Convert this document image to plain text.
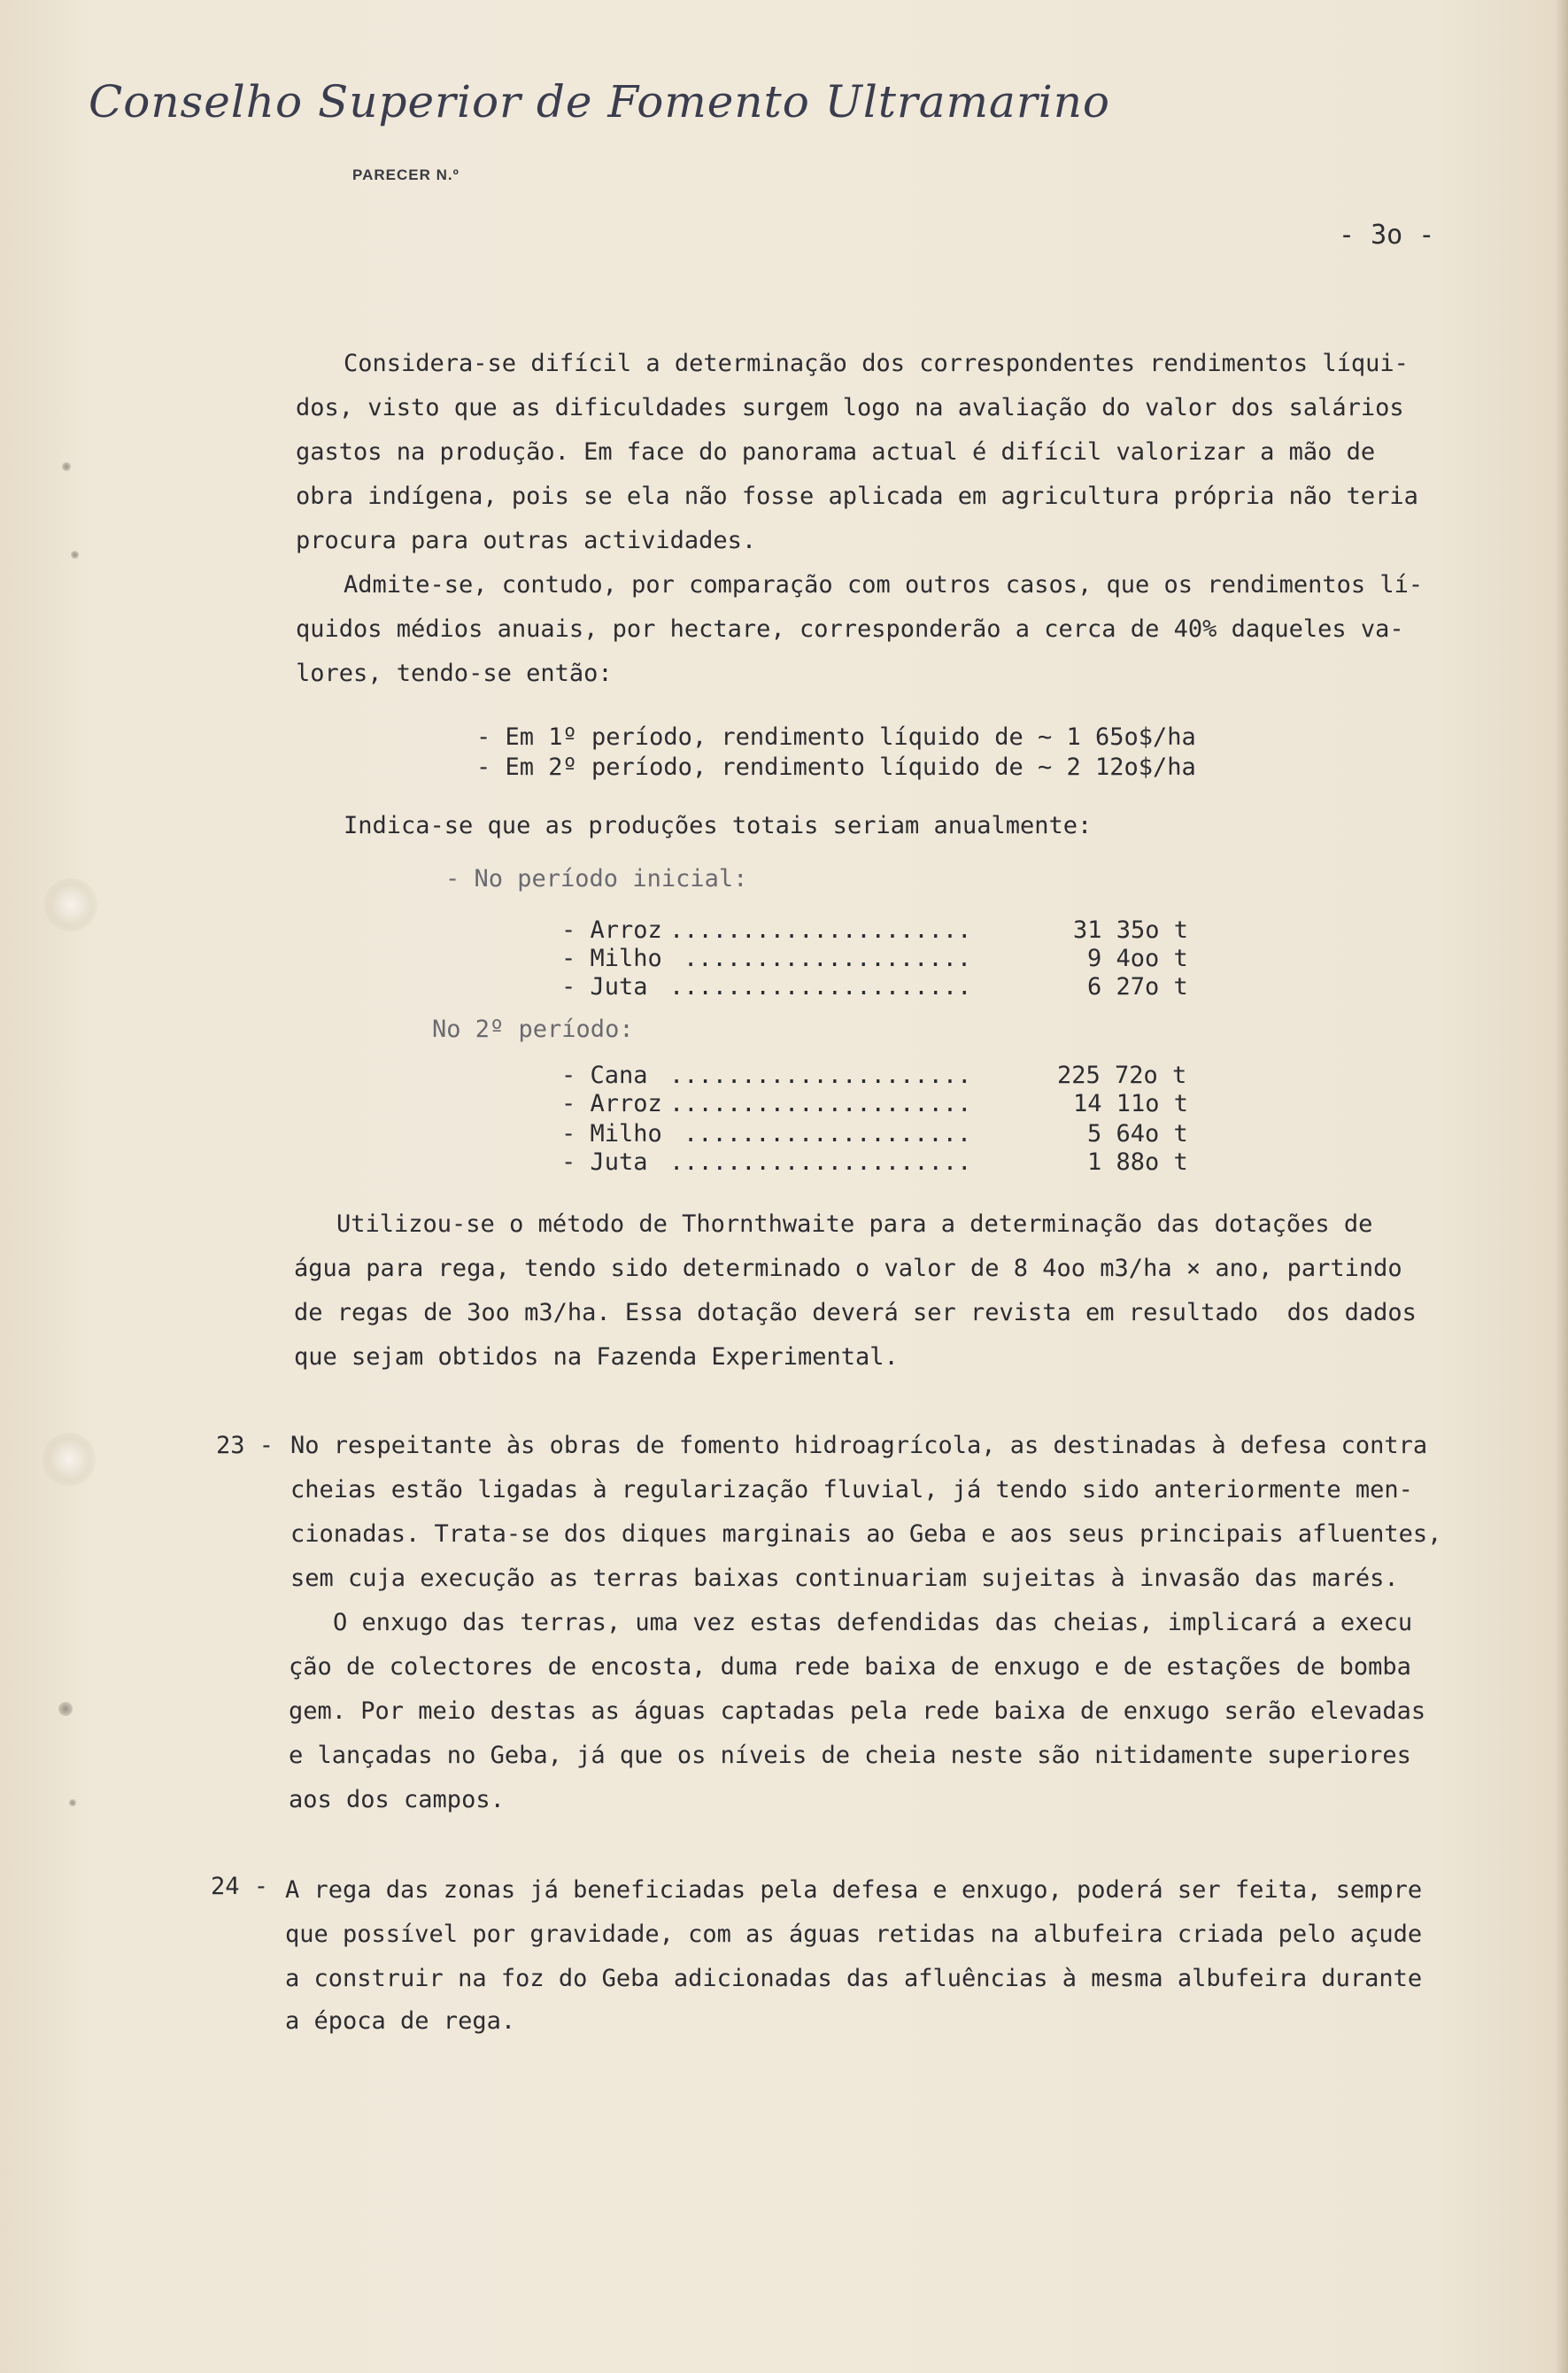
Conselho Superior de Fomento Ultramarino
PARECER N.º
- 3o -
Considera-se difícil a determinação dos correspondentes rendimentos líqui-
dos, visto que as dificuldades surgem logo na avaliação do valor dos salários
gastos na produção. Em face do panorama actual é difícil valorizar a mão de
obra indígena, pois se ela não fosse aplicada em agricultura própria não teria
procura para outras actividades.
Admite-se, contudo, por comparação com outros casos, que os rendimentos lí-
quidos médios anuais, por hectare, corresponderão a cerca de 40% daqueles va-
lores, tendo-se então:
- Em 1º período, rendimento líquido de ~ 1 65o$/ha
- Em 2º período, rendimento líquido de ~ 2 12o$/ha
Indica-se que as produções totais seriam anualmente:
- No período inicial:
- Arroz .....................	31 35o t
- Milho ....................	9 4oo t
- Juta .....................	6 27o t
No 2º período:
- Cana .....................	225 72o t
- Arroz .....................	14 11o t
- Milho ....................	5 64o t
- Juta .....................	1 88o t
Utilizou-se o método de Thornthwaite para a determinação das dotações de
água para rega, tendo sido determinado o valor de 8 4oo m3/ha × ano, partindo
de regas de 3oo m3/ha. Essa dotação deverá ser revista em resultado  dos dados
que sejam obtidos na Fazenda Experimental.
23 - No respeitante às obras de fomento hidroagrícola, as destinadas à defesa contra
cheias estão ligadas à regularização fluvial, já tendo sido anteriormente men-
cionadas. Trata-se dos diques marginais ao Geba e aos seus principais afluentes,
sem cuja execução as terras baixas continuariam sujeitas à invasão das marés.
O enxugo das terras, uma vez estas defendidas das cheias, implicará a execu
ção de colectores de encosta, duma rede baixa de enxugo e de estações de bomba
gem. Por meio destas as águas captadas pela rede baixa de enxugo serão elevadas
e lançadas no Geba, já que os níveis de cheia neste são nitidamente superiores
aos dos campos.
24 - A rega das zonas já beneficiadas pela defesa e enxugo, poderá ser feita, sempre
que possível por gravidade, com as águas retidas na albufeira criada pelo açude
a construir na foz do Geba adicionadas das afluências à mesma albufeira durante
a época de rega.
